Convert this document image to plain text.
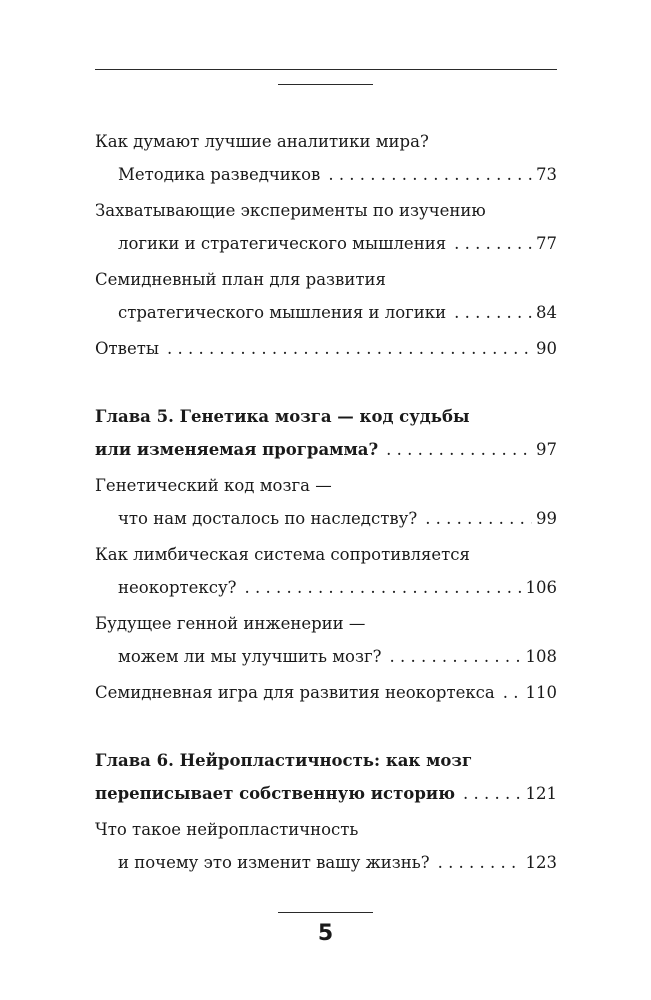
Как думают лучшие аналитики мира?
Методика разведчиков . . .	73
Захватывающие эксперименты по изучению
логики и стратегического мышления . . .	77
Семидневный план для развития
стратегического мышления и логики . . .	84
Ответы . . .	90
Глава 5. Генетика мозга — код судьбы
или изменяемая программа? . . .	97
Генетический код мозга —
что нам досталось по наследству? . . .	99
Как лимбическая система сопротивляется
неокортексу? . . .	106
Будущее генной инженерии —
можем ли мы улучшить мозг? . . .	108
Семидневная игра для развития неокортекса . . . 110
Глава 6. Нейропластичность: как мозг
переписывает собственную историю . . .	121
Что такое нейропластичность
и почему это изменит вашу жизнь? . . .	123
5
